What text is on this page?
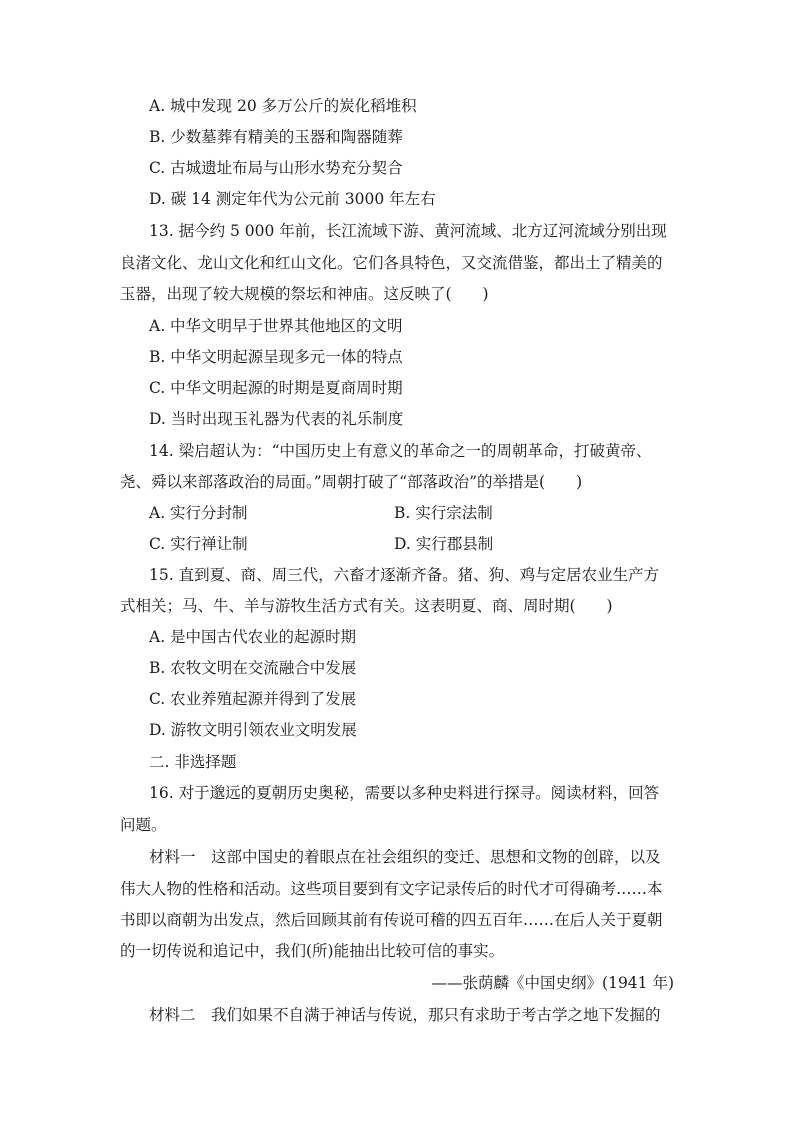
A. 城中发现 20 多万公斤的炭化稻堆积
B. 少数墓葬有精美的玉器和陶器随葬
C. 古城遗址布局与山形水势充分契合
D. 碳 14 测定年代为公元前 3000 年左右
13. 据今约 5 000 年前，长江流域下游、黄河流域、北方辽河流域分别出现
良渚文化、龙山文化和红山文化。它们各具特色，又交流借鉴，都出土了精美的
玉器，出现了较大规模的祭坛和神庙。这反映了(　　)
A. 中华文明早于世界其他地区的文明
B. 中华文明起源呈现多元一体的特点
C. 中华文明起源的时期是夏商周时期
D. 当时出现玉礼器为代表的礼乐制度
14. 梁启超认为：“中国历史上有意义的革命之一的周朝革命，打破黄帝、
尧、舜以来部落政治的局面。”周朝打破了“部落政治”的举措是(　　)
A. 实行分封制	B. 实行宗法制
C. 实行禅让制	D. 实行郡县制
15. 直到夏、商、周三代，六畜才逐渐齐备。猪、狗、鸡与定居农业生产方
式相关；马、牛、羊与游牧生活方式有关。这表明夏、商、周时期(　　)
A. 是中国古代农业的起源时期
B. 农牧文明在交流融合中发展
C. 农业养殖起源并得到了发展
D. 游牧文明引领农业文明发展
二. 非选择题
16. 对于邈远的夏朝历史奥秘，需要以多种史料进行探寻。阅读材料，回答
问题。
材料一　这部中国史的着眼点在社会组织的变迁、思想和文物的创辟，以及
伟大人物的性格和活动。这些项目要到有文字记录传后的时代才可得确考……本
书即以商朝为出发点，然后回顾其前有传说可稽的四五百年……在后人关于夏朝
的一切传说和追记中，我们(所)能抽出比较可信的事实。
——张荫麟《中国史纲》(1941 年)
材料二　我们如果不自满于神话与传说，那只有求助于考古学之地下发掘的
